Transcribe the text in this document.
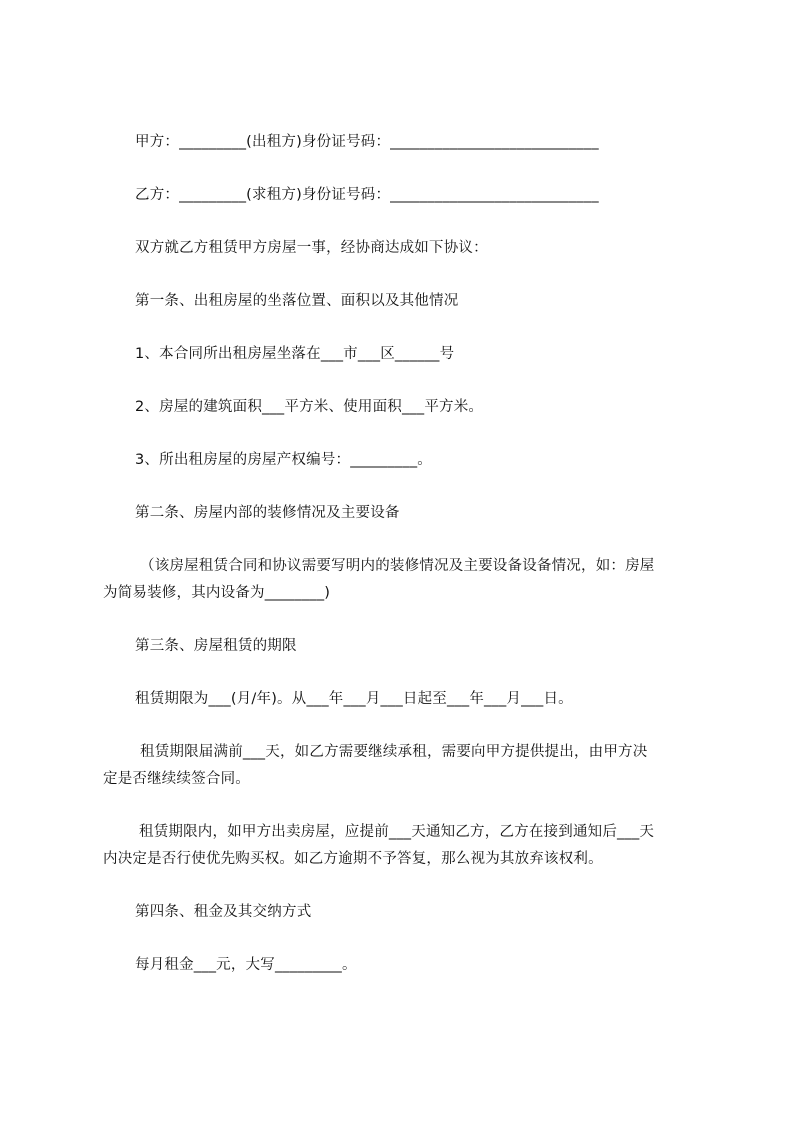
甲方：_________(出租方)身份证号码：____________________________
乙方：_________(求租方)身份证号码：____________________________
双方就乙方租赁甲方房屋一事，经协商达成如下协议：
第一条、出租房屋的坐落位置、面积以及其他情况
1、本合同所出租房屋坐落在___市___区______号
2、房屋的建筑面积___平方米、使用面积___平方米。
3、所出租房屋的房屋产权编号：_________。
第二条、房屋内部的装修情况及主要设备
（该房屋租赁合同和协议需要写明内的装修情况及主要设备设备情况，如：房屋
为简易装修，其内设备为________)
第三条、房屋租赁的期限
租赁期限为___(月/年)。从___年___月___日起至___年___月___日。
租赁期限届满前___天，如乙方需要继续承租，需要向甲方提供提出，由甲方决
定是否继续续签合同。
租赁期限内，如甲方出卖房屋，应提前___天通知乙方，乙方在接到通知后___天
内决定是否行使优先购买权。如乙方逾期不予答复，那么视为其放弃该权利。
第四条、租金及其交纳方式
每月租金___元，大写_________。
